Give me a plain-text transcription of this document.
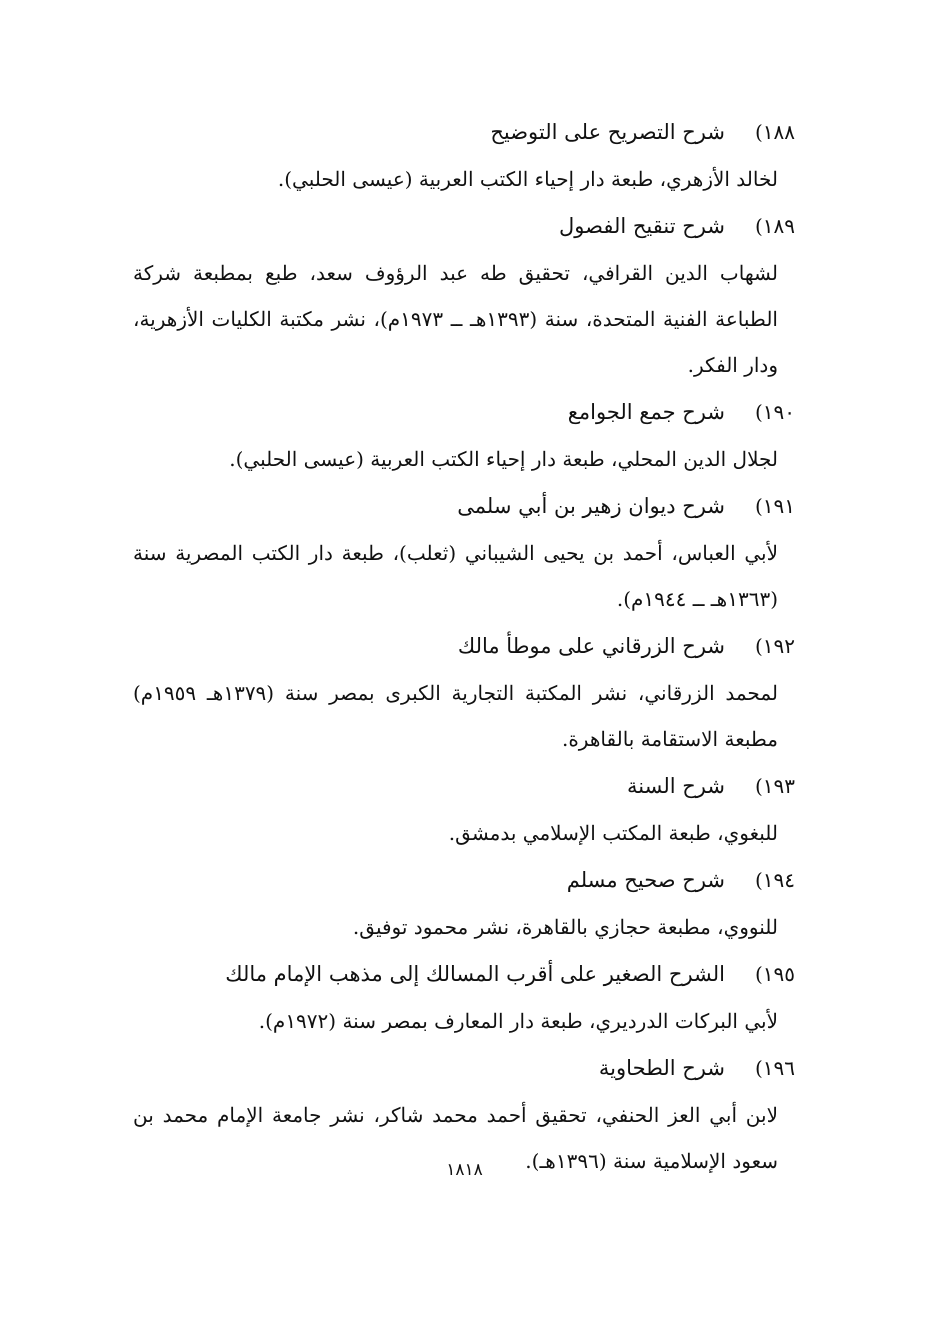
١٨٨)
شرح التصريح على التوضيح

لخالد الأزهري، طبعة دار إحياء الكتب العربية (عيسى الحلبي).

١٨٩)
شرح تنقيح الفصول

لشهاب الدين القرافي، تحقيق طه عبد الرؤوف سعد، طبع بمطبعة شركة الطباعة الفنية المتحدة، سنة (١٣٩٣هـ ــ ١٩٧٣م)، نشر مكتبة الكليات الأزهرية، ودار الفكر.

١٩٠)
شرح جمع الجوامع

لجلال الدين المحلي، طبعة دار إحياء الكتب العربية (عيسى الحلبي).

١٩١)
شرح ديوان زهير بن أبي سلمى

لأبي العباس، أحمد بن يحيى الشيباني (ثعلب)، طبعة دار الكتب المصرية سنة (١٣٦٣هـ ــ ١٩٤٤م).

١٩٢)
شرح الزرقاني على موطأ مالك

لمحمد الزرقاني، نشر المكتبة التجارية الكبرى بمصر سنة (١٣٧٩هـ ١٩٥٩م) مطبعة الاستقامة بالقاهرة.

١٩٣)
شرح السنة

للبغوي، طبعة المكتب الإسلامي بدمشق.

١٩٤)
شرح صحيح مسلم

للنووي، مطبعة حجازي بالقاهرة، نشر محمود توفيق.

١٩٥)
الشرح الصغير على أقرب المسالك إلى مذهب الإمام مالك

لأبي البركات الدرديري، طبعة دار المعارف بمصر سنة (١٩٧٢م).

١٩٦)
شرح الطحاوية

لابن أبي العز الحنفي، تحقيق أحمد محمد شاكر، نشر جامعة الإمام محمد بن سعود الإسلامية سنة (١٣٩٦هـ).

١٨١٨
